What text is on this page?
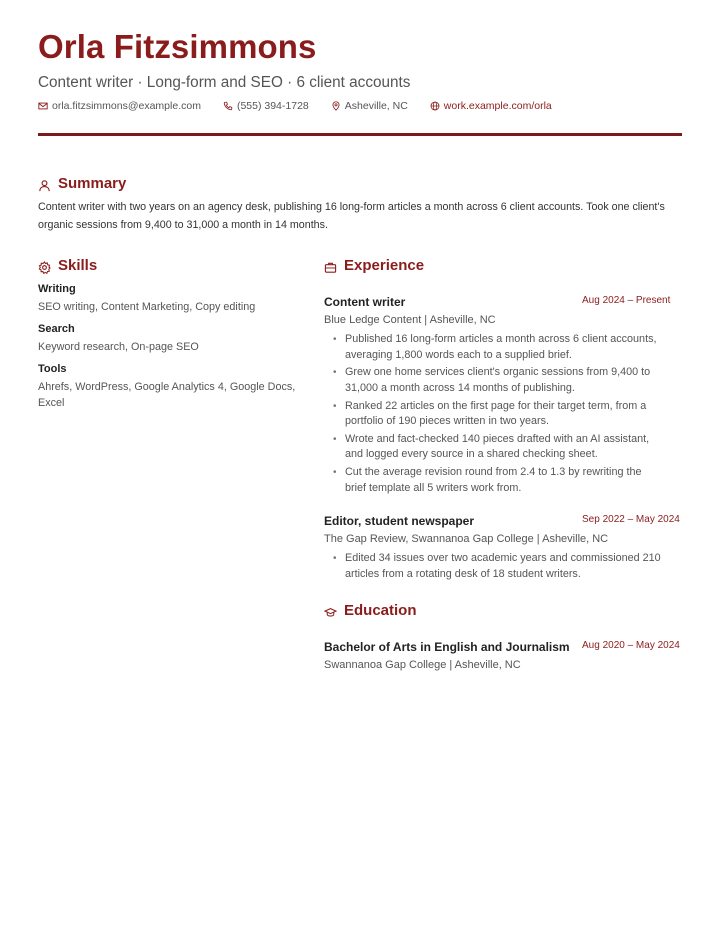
Orla Fitzsimmons
Content writer · Long-form and SEO · 6 client accounts
orla.fitzsimmons@example.com	(555) 394-1728	Asheville, NC	work.example.com/orla
Summary
Content writer with two years on an agency desk, publishing 16 long-form articles a month across 6 client accounts. Took one client's organic sessions from 9,400 to 31,000 a month in 14 months.
Skills
Writing
SEO writing, Content Marketing, Copy editing
Search
Keyword research, On-page SEO
Tools
Ahrefs, WordPress, Google Analytics 4, Google Docs, Excel
Experience
Content writer	Aug 2024 – Present
Blue Ledge Content | Asheville, NC
• Published 16 long-form articles a month across 6 client accounts, averaging 1,800 words each to a supplied brief.
• Grew one home services client's organic sessions from 9,400 to 31,000 a month across 14 months of publishing.
• Ranked 22 articles on the first page for their target term, from a portfolio of 190 pieces written in two years.
• Wrote and fact-checked 140 pieces drafted with an AI assistant, and logged every source in a shared checking sheet.
• Cut the average revision round from 2.4 to 1.3 by rewriting the brief template all 5 writers work from.
Editor, student newspaper	Sep 2022 – May 2024
The Gap Review, Swannanoa Gap College | Asheville, NC
• Edited 34 issues over two academic years and commissioned 210 articles from a rotating desk of 18 student writers.
Education
Bachelor of Arts in English and Journalism Aug 2020 – May 2024
Swannanoa Gap College | Asheville, NC
